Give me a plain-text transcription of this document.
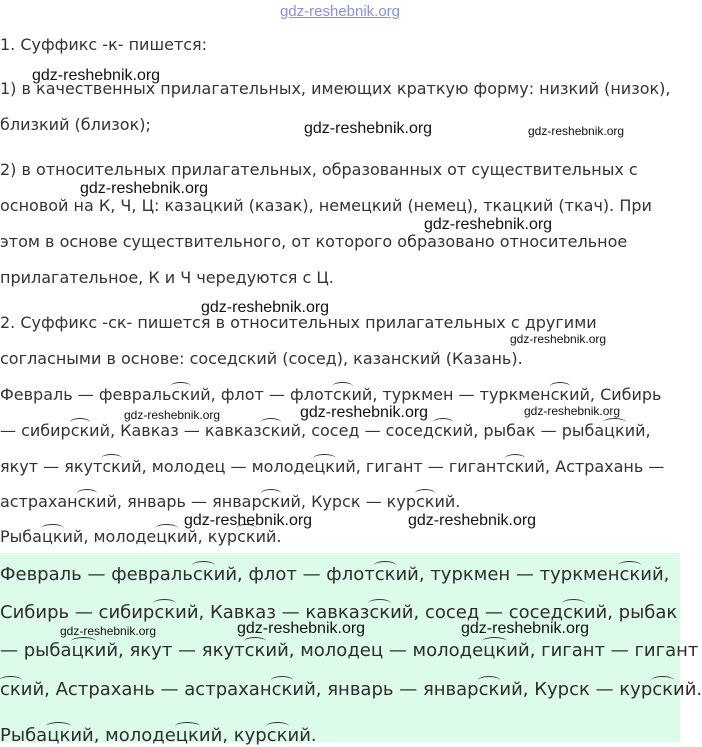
gdz-reshebnik.org
1. Суффикс -к- пишется:
1) в качественных прилагательных, имеющих краткую форму: низкий (низок),
близкий (близок);
2) в относительных прилагательных, образованных от существительных с
основой на К, Ч, Ц: казацкий (казак), немецкий (немец), ткацкий (ткач). При
этом в основе существительного, от которого образовано относительное
прилагательное, К и Ч чередуются с Ц.
2. Суффикс -ск- пишется в относительных прилагательных с другими
согласными в основе: соседский (сосед), казанский (Казань).
Февраль — февральский, флот — флотский, туркмен — туркменский, Сибирь
— сибирский, Кавказ — кавказский, сосед — соседский, рыбак — рыбацкий,
якут — якутский, молодец — молодецкий, гигант — гигантский, Астрахань —
астраханский, январь — январский, Курск — курский.
Рыбацкий, молодецкий, курский.
Февраль — февральский, флот — флотский, туркмен — туркменский,
Сибирь — сибирский, Кавказ — кавказский, сосед — соседский, рыбак
— рыбацкий, якут — якутский, молодец — молодецкий, гигант — гигант
ский, Астрахань — астраханский, январь — январский, Курск — курский.
Рыбацкий, молодецкий, курский.
gdz-reshebnik.org
gdz-reshebnik.org	gdz-reshebnik.org
gdz-reshebnik.org
gdz-reshebnik.org
gdz-reshebnik.org
gdz-reshebnik.org
gdz-reshebnik.org	gdz-reshebnik.org	gdz-reshebnik.org
gdz-reshebnik.org	gdz-reshebnik.org
gdz-reshebnik.org	gdz-reshebnik.org	gdz-reshebnik.org
